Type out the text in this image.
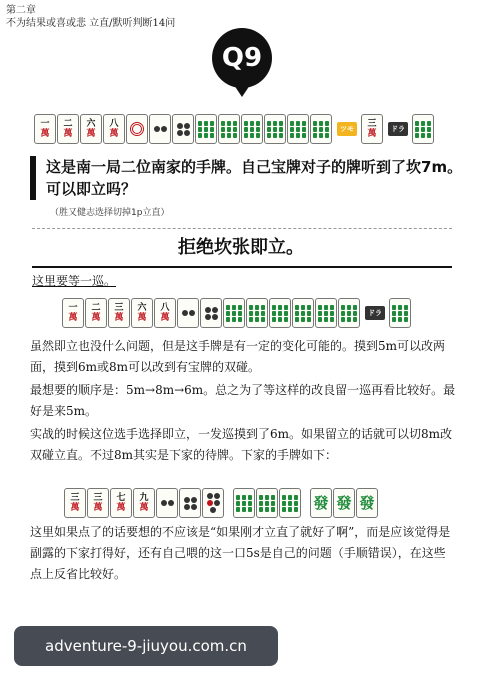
第二章
不为结果或喜或悲 立直/默听判断14问
Q9
一
萬
二
萬
六
萬
八
萬	ツモ	三
萬	ドラ
这是南一局二位南家的手牌。自己宝牌对子的牌听到了坎7m。可以即立吗？
（胜又健志选择切掉1p立直）
拒绝坎张即立。
这里要等一巡。
一
萬
二
萬
三
萬
六
萬
八
萬	ドラ
虽然即立也没什么问题，但是这手牌是有一定的变化可能的。摸到5m可以改两面，摸到6m或8m可以改到有宝牌的双碰。
最想要的顺序是：5m→8m→6m。总之为了等这样的改良留一巡再看比较好。最好是来5m。
实战的时候这位选手选择即立，一发巡摸到了6m。如果留立的话就可以切8m改双碰立直。不过8m其实是下家的待牌。下家的手牌如下：
三
萬
三
萬
七
萬
九
萬	發 發 發
这里如果点了的话要想的不应该是“如果刚才立直了就好了啊”，而是应该觉得是副露的下家打得好，还有自己喂的这一口5s是自己的问题（手顺错误），在这些点上反省比较好。
adventure-9-jiuyou.com.cn
